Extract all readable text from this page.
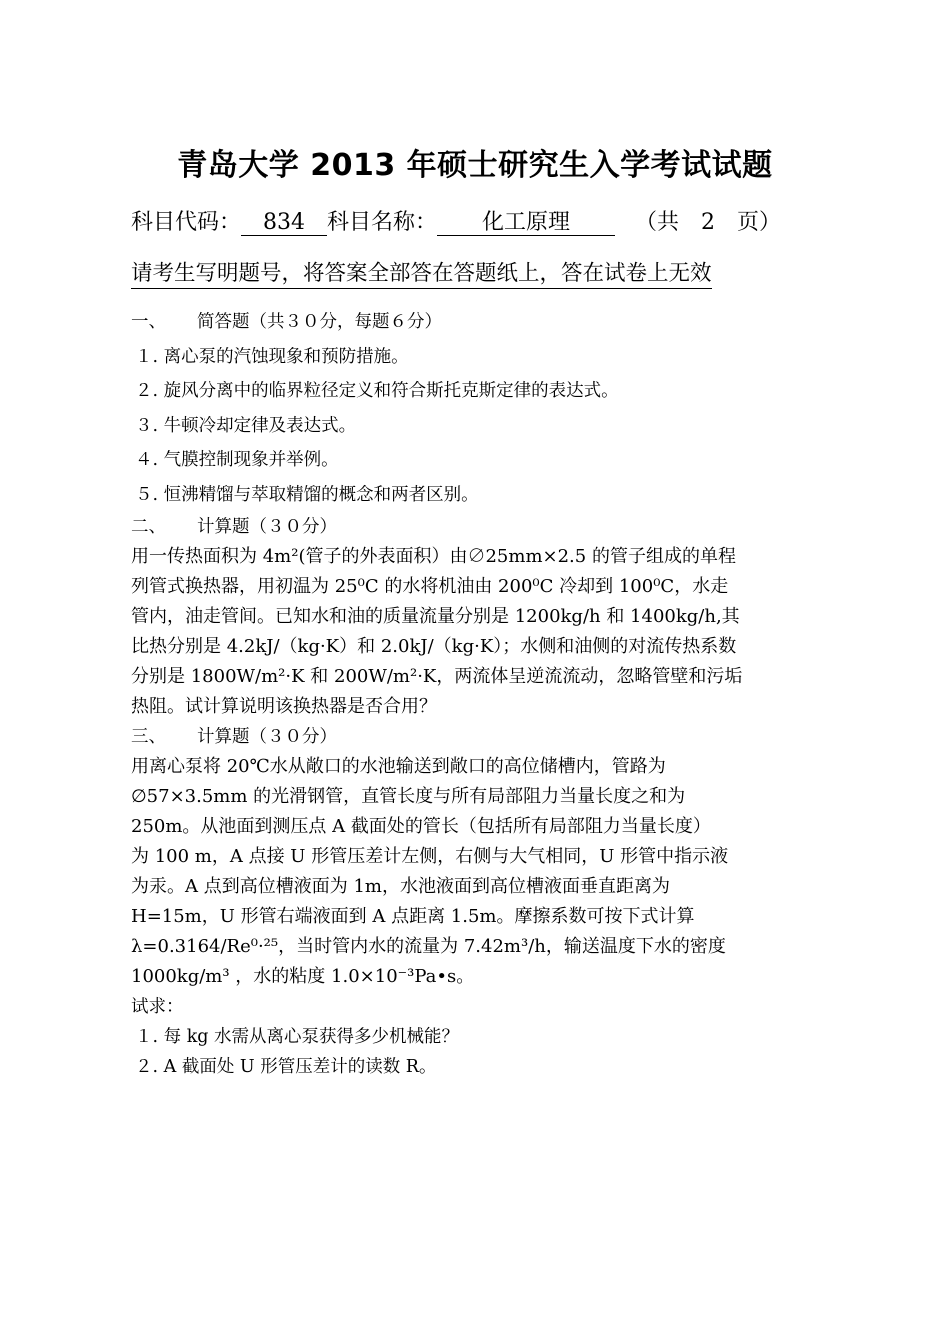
青岛大学 2013 年硕士研究生入学考试试题
科目代码： 834 科目名称： 化工原理	（共　2　页）
请考生写明题号，将答案全部答在答题纸上，答在试卷上无效
一、 简答题（共３０分，每题６分）
１. 离心泵的汽蚀现象和预防措施。
２. 旋风分离中的临界粒径定义和符合斯托克斯定律的表达式。
３. 牛顿冷却定律及表达式。
４. 气膜控制现象并举例。
５. 恒沸精馏与萃取精馏的概念和两者区别。
二、 计算题（３０分）
用一传热面积为 4m²(管子的外表面积）由∅25mm×2.5 的管子组成的单程
列管式换热器，用初温为 25⁰C 的水将机油由 200⁰C 冷却到 100⁰C，水走
管内，油走管间。已知水和油的质量流量分别是 1200kg/h 和 1400kg/h,其
比热分别是 4.2kJ/（kg·K）和 2.0kJ/（kg·K）；水侧和油侧的对流传热系数
分别是 1800W/m²·K 和 200W/m²·K，两流体呈逆流流动，忽略管壁和污垢
热阻。试计算说明该换热器是否合用？
三、 计算题（３０分）
用离心泵将 20℃水从敞口的水池输送到敞口的高位储槽内，管路为
∅57×3.5mm 的光滑钢管，直管长度与所有局部阻力当量长度之和为
250m。从池面到测压点 A 截面处的管长（包括所有局部阻力当量长度）
为 100 m，A 点接 U 形管压差计左侧，右侧与大气相同，U 形管中指示液
为汞。A 点到高位槽液面为 1m，水池液面到高位槽液面垂直距离为
H=15m，U 形管右端液面到 A 点距离 1.5m。摩擦系数可按下式计算
λ=0.3164/Re⁰·²⁵，当时管内水的流量为 7.42m³/h，输送温度下水的密度
1000kg/m³ ，水的粘度 1.0×10⁻³Pa•s。
试求：
１. 每 kg 水需从离心泵获得多少机械能？
２. A 截面处 U 形管压差计的读数 R。
